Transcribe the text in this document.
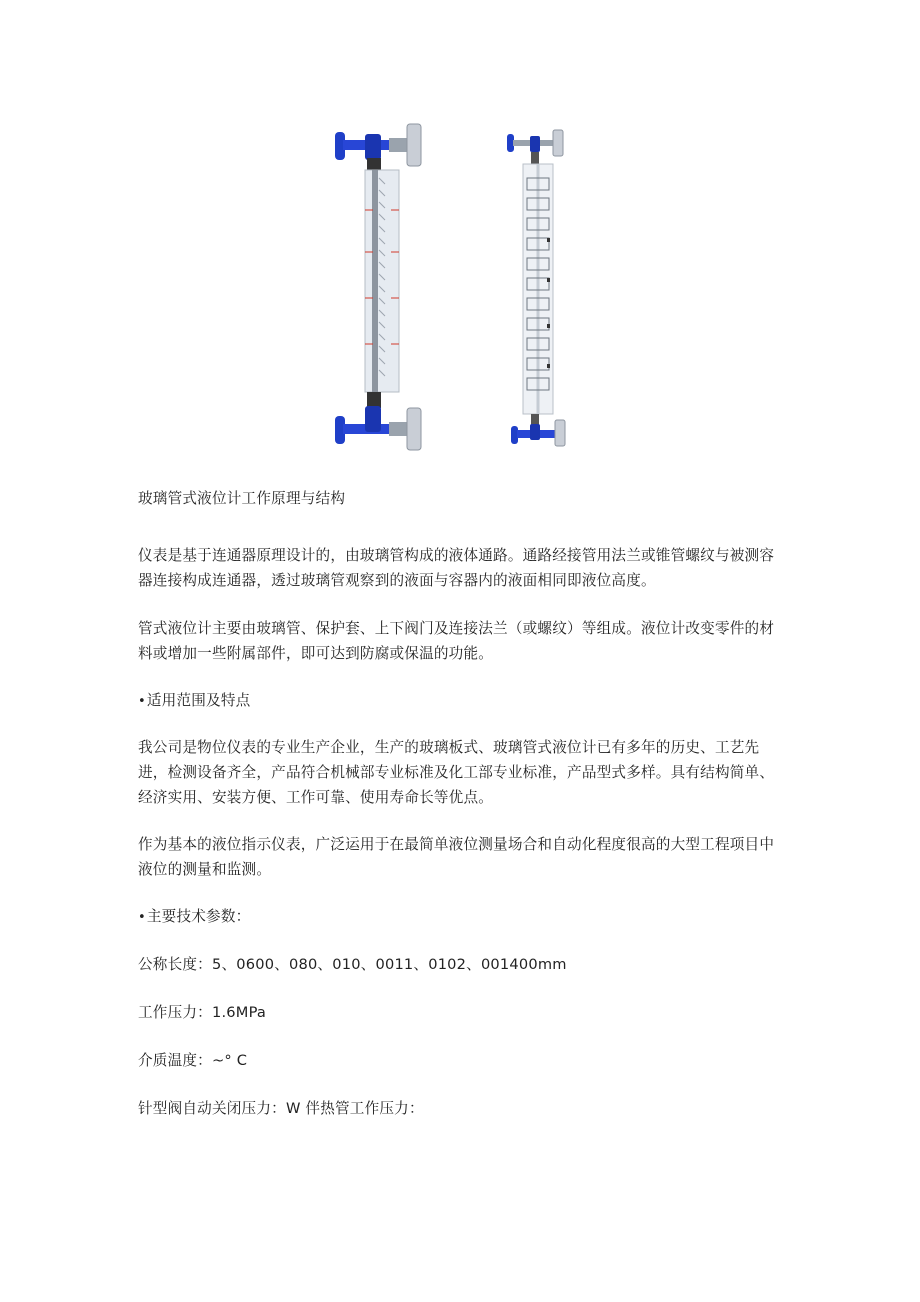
玻璃管式液位计工作原理与结构
仪表是基于连通器原理设计的，由玻璃管构成的液体通路。通路经接管用法兰或锥管螺纹与被测容器连接构成连通器，透过玻璃管观察到的液面与容器内的液面相同即液位高度。
管式液位计主要由玻璃管、保护套、上下阀门及连接法兰（或螺纹）等组成。液位计改变零件的材料或增加一些附属部件，即可达到防腐或保温的功能。
•适用范围及特点
我公司是物位仪表的专业生产企业，生产的玻璃板式、玻璃管式液位计已有多年的历史、工艺先进，检测设备齐全，产品符合机械部专业标准及化工部专业标准，产品型式多样。具有结构简单、经济实用、安装方便、工作可靠、使用寿命长等优点。
作为基本的液位指示仪表，广泛运用于在最简单液位测量场合和自动化程度很高的大型工程项目中液位的测量和监测。
•主要技术参数：
公称长度：5、0600、080、010、0011、0102、001400mm
工作压力：1.6MPa
介质温度：~° C
针型阀自动关闭压力：W 伴热管工作压力：
